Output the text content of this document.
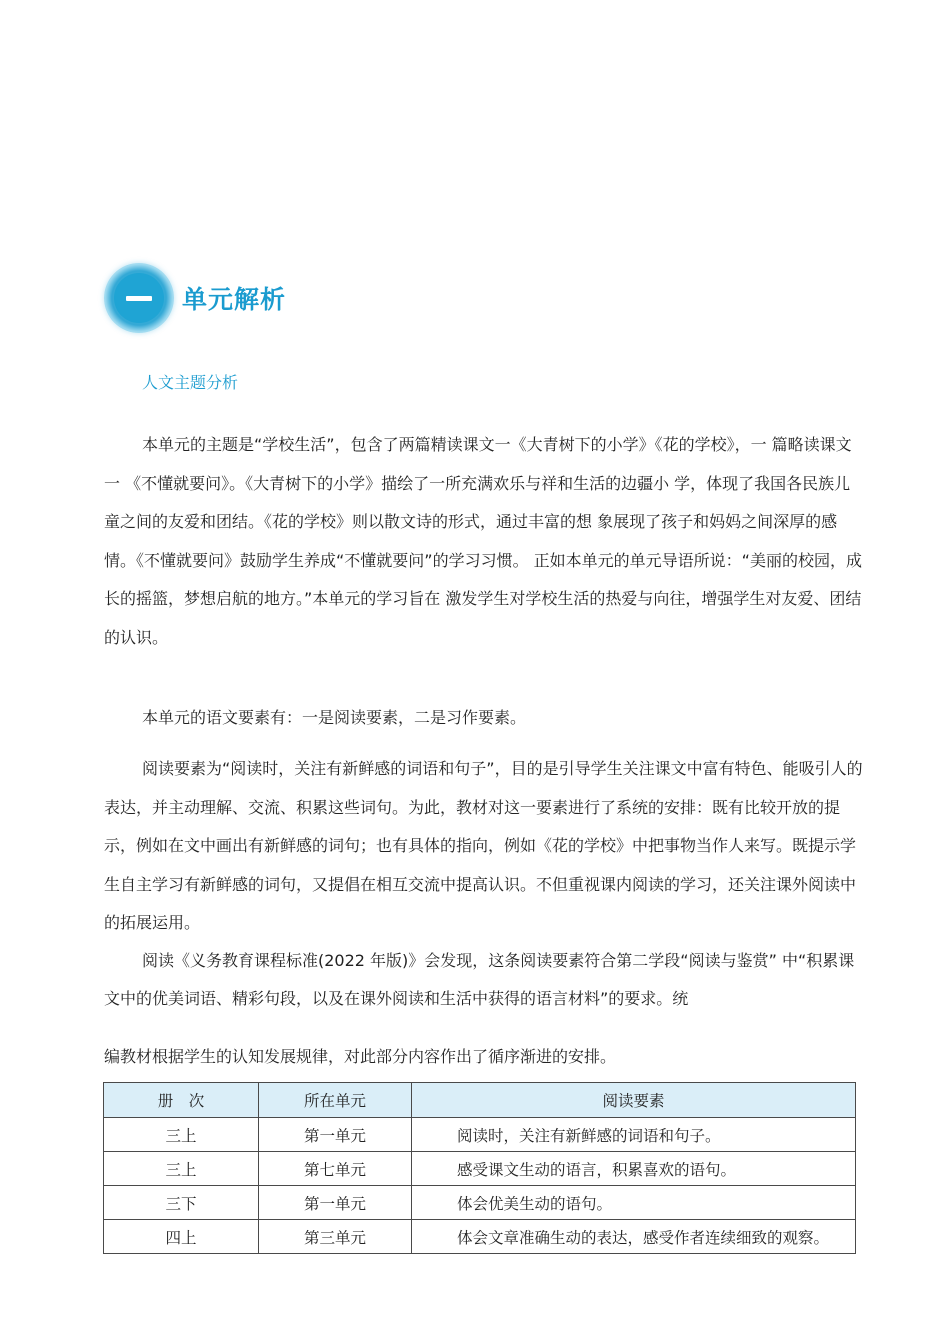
单元解析
人文主题分析

本单元的主题是“学校生活”，包含了两篇精读课文一《大青树下的小学》《花的学校》，一 篇略读课文一 《不懂就要问》。《大青树下的小学》描绘了一所充满欢乐与祥和生活的边疆小 学，体现了我国各民族儿童之间的友爱和团结。《花的学校》则以散文诗的形式，通过丰富的想 象展现了孩子和妈妈之间深厚的感情。《不懂就要问》鼓励学生养成“不懂就要问”的学习习惯。 正如本单元的单元导语所说：“美丽的校园，成长的摇篮，梦想启航的地方。”本单元的学习旨在 激发学生对学校生活的热爱与向往，增强学生对友爱、团结的认识。

本单元的语文要素有：一是阅读要素，二是习作要素。

阅读要素为“阅读时，关注有新鲜感的词语和句子”，目的是引导学生关注课文中富有特色、能吸引人的表达，并主动理解、交流、积累这些词句。为此，教材对这一要素进行了系统的安排：既有比较开放的提示，例如在文中画出有新鲜感的词句；也有具体的指向，例如《花的学校》中把事物当作人来写。既提示学生自主学习有新鲜感的词句，又提倡在相互交流中提高认识。不但重视课内阅读的学习，还关注课外阅读中的拓展运用。

阅读《义务教育课程标准(2022 年版)》会发现，这条阅读要素符合第二学段“阅读与鉴赏” 中“积累课文中的优美词语、精彩句段，以及在课外阅读和生活中获得的语言材料”的要求。统

编教材根据学生的认知发展规律，对此部分内容作出了循序渐进的安排。

册　次	所在单元	阅读要素
三上	第一单元	阅读时，关注有新鲜感的词语和句子。
三上	第七单元	感受课文生动的语言，积累喜欢的语句。
三下	第一单元	体会优美生动的语句。
四上	第三单元	体会文章准确生动的表达，感受作者连续细致的观察。
